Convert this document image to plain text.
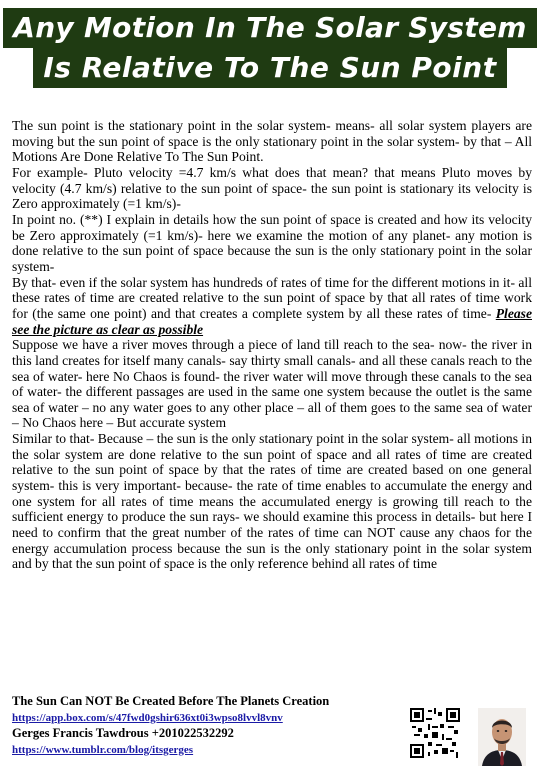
Any Motion In The Solar System
Is Relative To The Sun Point

The sun point is the stationary point in the solar system- means- all solar system players are moving but the sun point of space is the only stationary point in the solar system- by that – All Motions Are Done Relative To The Sun Point.

For example- Pluto velocity =4.7 km/s what does that mean? that means Pluto moves by velocity (4.7 km/s) relative to the sun point of space- the sun point is stationary its velocity is Zero approximately (=1 km/s)-

In point no. (**) I explain in details how the sun point of space is created and how its velocity be Zero approximately (=1 km/s)- here we examine the motion of any planet- any motion is done relative to the sun point of space because the sun is the only stationary point in the solar system-

By that- even if the solar system has hundreds of rates of time for the different motions in it- all these rates of time are created relative to the sun point of space by that all rates of time work for (the same one point) and that creates a complete system by all these rates of time- Please see the picture as clear as possible

Suppose we have a river moves through a piece of land till reach to the sea- now- the river in this land creates for itself many canals- say thirty small canals- and all these canals reach to the sea of water- here No Chaos is found- the river water will move through these canals to the sea of water- the different passages are used in the same one system because the outlet is the same sea of water – no any water goes to any other place – all of them goes to the same sea of water – No Chaos here – But accurate system

Similar to that- Because – the sun is the only stationary point in the solar system- all motions in the solar system are done relative to the sun point of space and all rates of time are created relative to the sun point of space by that the rates of time are created based on one general system- this is very important- because- the rate of time enables to accumulate the energy and one system for all rates of time means the accumulated energy is growing till reach to the sufficient energy to produce the sun rays- we should examine this process in details- but here I need to confirm that the great number of the rates of time can NOT cause any chaos for the energy accumulation process because the sun is the only stationary point in the solar system and by that the sun point of space is the only reference behind all rates of time

The Sun Can NOT Be Created Before The Planets Creation
https://app.box.com/s/47fwd0gshir636xt0i3wpso8lvvl8vnv
Gerges Francis Tawdrous +201022532292
https://www.tumblr.com/blog/itsgerges
